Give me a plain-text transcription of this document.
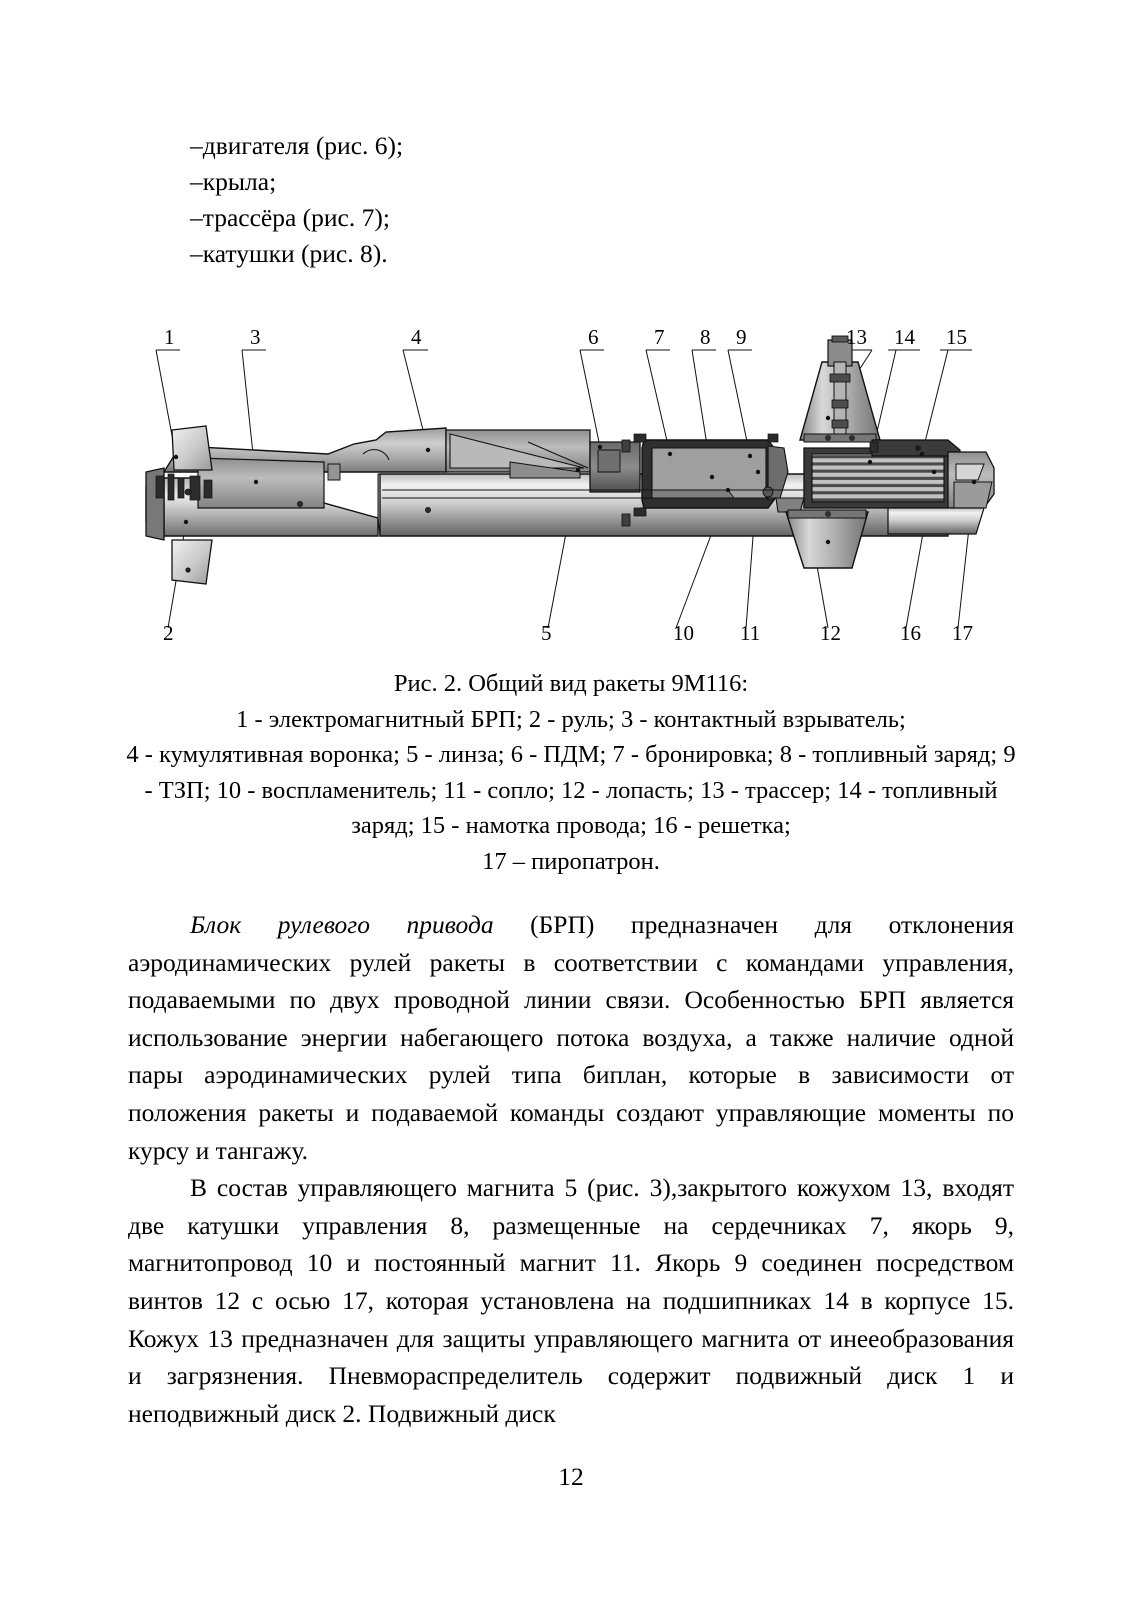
–двигателя (рис. 6);
–крыла;
–трассёра (рис. 7);
–катушки (рис. 8).
1	3	4	6	7 8 9	13 14 15
2	5	10 11	12	16 17
Рис. 2. Общий вид ракеты 9М116:
1 - электромагнитный БРП; 2 - руль; 3 - контактный взрыватель;
4 - кумулятивная воронка; 5 - линза; 6 - ПДМ; 7 - бронировка; 8 - топливный заряд; 9 - ТЗП; 10 - воспламенитель; 11 - сопло; 12 - лопасть; 13 - трассер; 14 - топливный заряд; 15 - намотка провода; 16 - решетка;
17 – пиропатрон.

Блок рулевого привода (БРП) предназначен для отклонения аэродинамических рулей ракеты в соответствии с командами управления, подаваемыми по двух проводной линии связи. Особенностью БРП является использование энергии набегающего потока воздуха, а также наличие одной пары аэродинамических рулей типа биплан, которые в зависимости от положения ракеты и подаваемой команды создают управляющие моменты по курсу и тангажу.

В состав управляющего магнита 5 (рис. 3),закрытого кожухом 13, входят две катушки управления 8, размещенные на сердечниках 7, якорь 9, магнитопровод 10 и постоянный магнит 11. Якорь 9 соединен посредством винтов 12 с осью 17, которая установлена на подшипниках 14 в корпусе 15. Кожух 13 предназначен для защиты управляющего магнита от инееобразования и загрязнения. Пневмораспределитель содержит подвижный диск 1 и неподвижный диск 2. Подвижный диск

12
